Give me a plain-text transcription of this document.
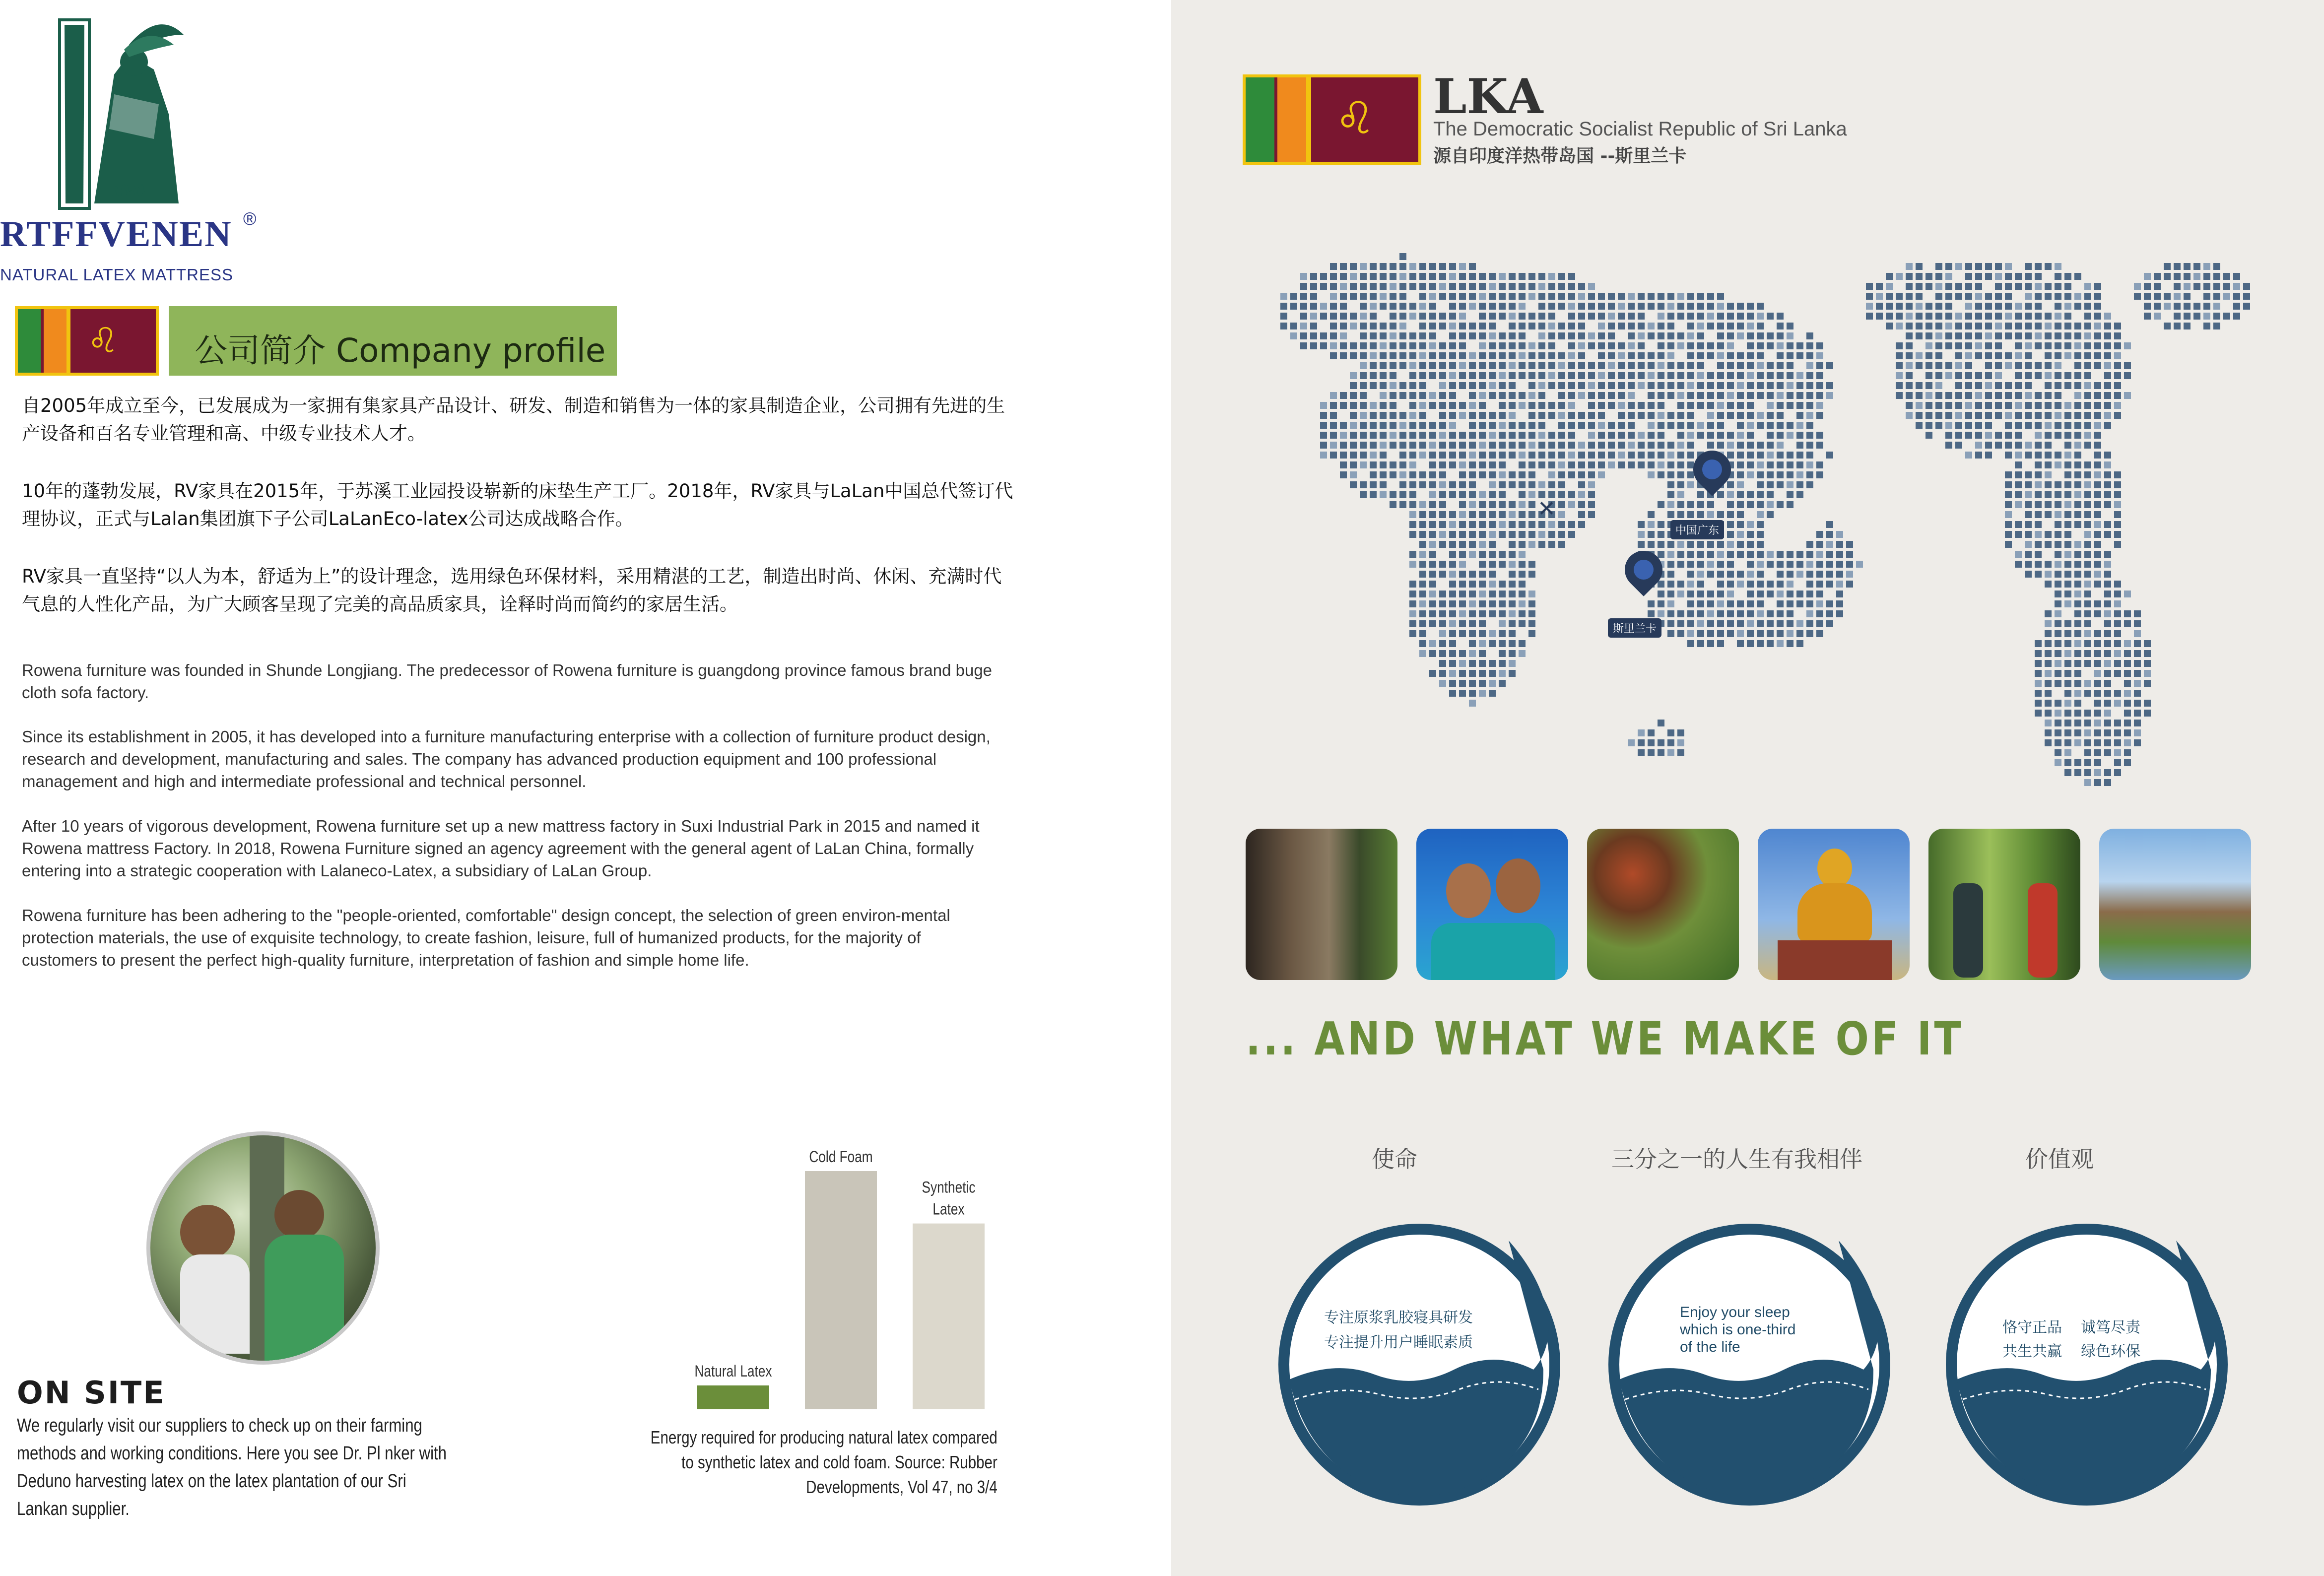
1940
RTFFVENEN ®
NATURAL LATEX MATTRESS
♌ 公司简介 Company profile
自2005年成立至今，已发展成为一家拥有集家具产品设计、研发、制造和销售为一体的家具制造企业，公司拥有先进的生产设备和百名专业管理和高、中级专业技术人才。
10年的蓬勃发展，RV家具在2015年，于苏溪工业园投设崭新的床垫生产工厂。2018年，RV家具与LaLan中国总代签订代理协议，正式与Lalan集团旗下子公司LaLanEco-latex公司达成战略合作。
RV家具一直坚持“以人为本，舒适为上”的设计理念，选用绿色环保材料，采用精湛的工艺，制造出时尚、休闲、充满时代气息的人性化产品，为广大顾客呈现了完美的高品质家具，诠释时尚而简约的家居生活。
Rowena furniture was founded in Shunde Longjiang. The predecessor of Rowena furniture is guangdong province famous brand buge cloth sofa factory.
Since its establishment in 2005, it has developed into a furniture manufacturing enterprise with a collection of furniture product design, research and development, manufacturing and sales. The company has advanced production equipment and 100 professional management and high and intermediate professional and technical personnel.
After 10 years of vigorous development, Rowena furniture set up a new mattress factory in Suxi Industrial Park in 2015 and named it Rowena mattress Factory. In 2018, Rowena Furniture signed an agency agreement with the general agent of LaLan China, formally entering into a strategic cooperation with Lalaneco-Latex, a subsidiary of LaLan Group.
Rowena furniture has been adhering to the "people-oriented, comfortable" design concept, the selection of green environ-mental protection materials, the use of exquisite technology, to create fashion, leisure, full of humanized products, for the majority of customers to present the perfect high-quality furniture, interpretation of fashion and simple home life.
ON SITE
We regularly visit our suppliers to check up on their farming methods and working conditions. Here you see Dr. Pl nker with Deduno harvesting latex on the latex plantation of our Sri Lankan supplier.
Natural Latex
Cold Foam
Synthetic
Latex
Energy required for producing natural latex compared to synthetic latex and cold foam. Source: Rubber Developments, Vol 47, no 3/4
♌ LKA
The Democratic Socialist Republic of Sri Lanka
源自印度洋热带岛国 --斯里兰卡
中国广东
斯里兰卡
✕
... AND WHAT WE MAKE OF IT
使命	三分之一的人生有我相伴	价值观
专注原浆乳胶寝具研发
专注提升用户睡眠素质
Enjoy your sleep
which is one-third
of the life
恪守正品    诚笃尽责
共生共赢    绿色环保
